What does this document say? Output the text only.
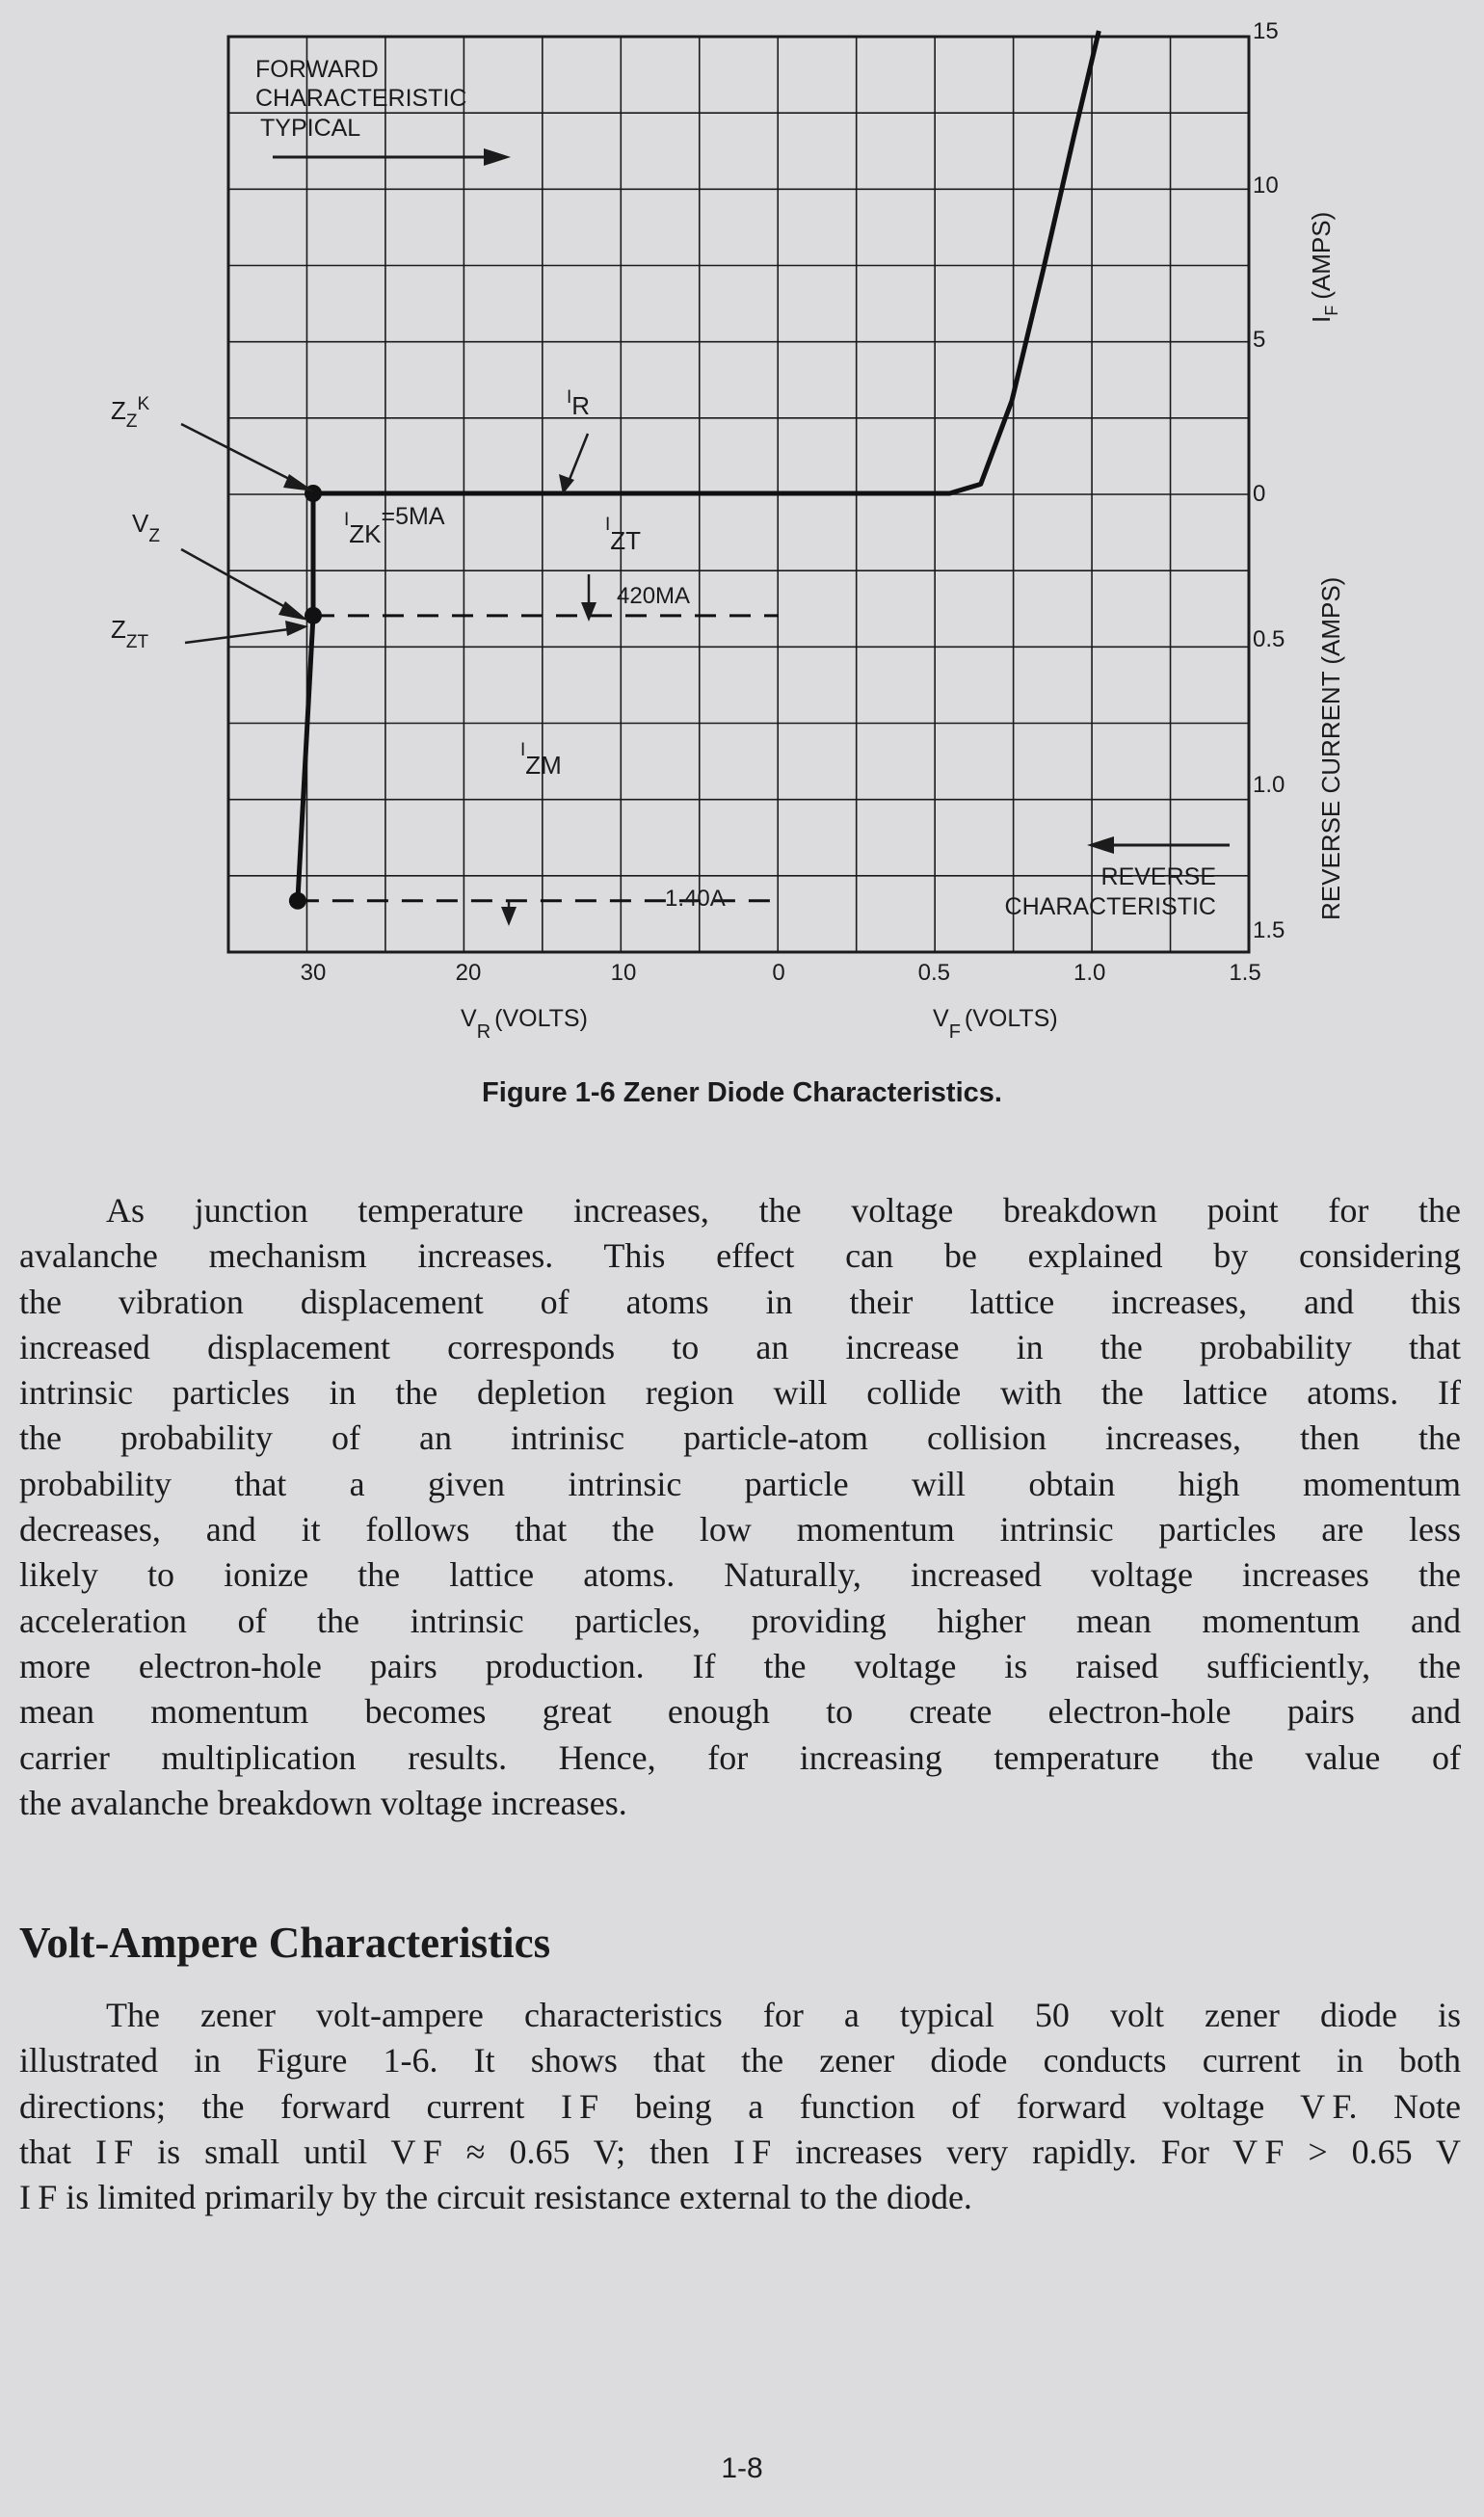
30	20	10	0	0.5	1.0	1.5
15
10
5
0
0.5
1.0
1.5
FORWARD
CHARACTERISTIC
TYPICAL
REVERSE
CHARACTERISTIC
$I_F(AMPS)$
REVERSE CURRENT (AMPS)
$V_R$ (VOLTS)	$V_F$ (VOLTS)
$Z_Z^K$
$V_Z$
$Z_{ZT}$
IR
IZK=5MA	IZT
420MA
IZM
1.40A
Figure 1-6 Zener Diode Characteristics.

As junction temperature increases, the voltage breakdown point for the
avalanche mechanism increases. This effect can be explained by considering
the vibration displacement of atoms in their lattice increases, and this
increased displacement corresponds to an increase in the probability that
intrinsic particles in the depletion region will collide with the lattice atoms. If
the probability of an intrinisc particle-atom collision increases, then the
probability that a given intrinsic particle will obtain high momentum
decreases, and it follows that the low momentum intrinsic particles are less
likely to ionize the lattice atoms. Naturally, increased voltage increases the
acceleration of the intrinsic particles, providing higher mean momentum and
more electron-hole pairs production. If the voltage is raised sufficiently, the
mean momentum becomes great enough to create electron-hole pairs and
carrier multiplication results. Hence, for increasing temperature the value of
the avalanche breakdown voltage increases.

Volt-Ampere Characteristics

The zener volt-ampere characteristics for a typical 50 volt zener diode is
illustrated in Figure 1-6. It shows that the zener diode conducts current in both
directions; the forward current I F being a function of forward voltage V F. Note
that I F is small until V F ≈ 0.65 V; then I F increases very rapidly. For V F > 0.65 V
I F is limited primarily by the circuit resistance external to the diode.

1-8
